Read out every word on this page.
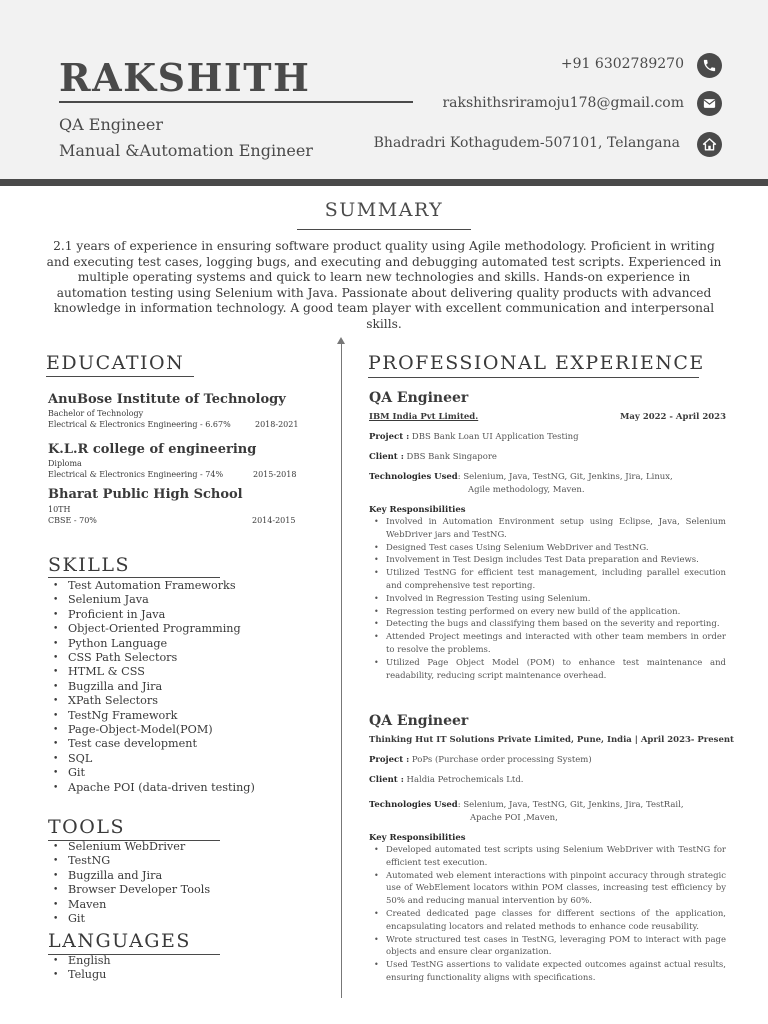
RAKSHITH
QA Engineer
Manual &Automation Engineer
+91 6302789270
rakshithsriramoju178@gmail.com
Bhadradri Kothagudem-507101, Telangana
SUMMARY
2.1 years of experience in ensuring software product quality using Agile methodology. Proficient in writing and executing test cases, logging bugs, and executing and debugging automated test scripts. Experienced in multiple operating systems and quick to learn new technologies and skills. Hands-on experience in automation testing using Selenium with Java. Passionate about delivering quality products with advanced knowledge in information technology. A good team player with excellent communication and interpersonal skills.
EDUCATION
AnuBose Institute of Technology
Bachelor of Technology
Electrical & Electronics Engineering - 6.67%	2018-2021
K.L.R college of engineering
Diploma
Electrical & Electronics Engineering - 74%	2015-2018
Bharat Public High School
10TH
CBSE - 70%	2014-2015
SKILLS
• Test Automation Frameworks
• Selenium Java
• Proficient in Java
• Object-Oriented Programming
• Python Language
• CSS Path Selectors
• HTML & CSS
• Bugzilla and Jira
• XPath Selectors
• TestNg Framework
• Page-Object-Model(POM)
• Test case development
• SQL
• Git
• Apache POI (data-driven testing)
TOOLS
• Selenium WebDriver
• TestNG
• Bugzilla and Jira
• Browser Developer Tools
• Maven
• Git
LANGUAGES
• English
• Telugu
PROFESSIONAL EXPERIENCE
QA Engineer
IBM India Pvt Limited.	May 2022 - April 2023
Project : DBS Bank Loan UI Application Testing
Client : DBS Bank Singapore
Technologies Used: Selenium, Java, TestNG, Git, Jenkins, Jira, Linux,
Agile methodology, Maven.
Key Responsibilities
• Involved in Automation Environment setup using Eclipse, Java, Selenium WebDriver jars and TestNG.
• Designed Test cases Using Selenium WebDriver and TestNG.
• Involvement in Test Design includes Test Data preparation and Reviews.
• Utilized TestNG for efficient test management, including parallel execution and comprehensive test reporting.
• Involved in Regression Testing using Selenium.
• Regression testing performed on every new build of the application.
• Detecting the bugs and classifying them based on the severity and reporting.
• Attended Project meetings and interacted with other team members in order to resolve the problems.
• Utilized Page Object Model (POM) to enhance test maintenance and readability, reducing script maintenance overhead.
QA Engineer
Thinking Hut IT Solutions Private Limited, Pune, India | April 2023- Present
Project : PoPs (Purchase order processing System)
Client : Haldia Petrochemicals Ltd.
Technologies Used: Selenium, Java, TestNG, Git, Jenkins, Jira, TestRail,
Apache POI ,Maven,
Key Responsibilities
• Developed automated test scripts using Selenium WebDriver with TestNG for efficient test execution.
• Automated web element interactions with pinpoint accuracy through strategic use of WebElement locators within POM classes, increasing test efficiency by 50% and reducing manual intervention by 60%.
• Created dedicated page classes for different sections of the application, encapsulating locators and related methods to enhance code reusability.
• Wrote structured test cases in TestNG, leveraging POM to interact with page objects and ensure clear organization.
• Used TestNG assertions to validate expected outcomes against actual results, ensuring functionality aligns with specifications.
